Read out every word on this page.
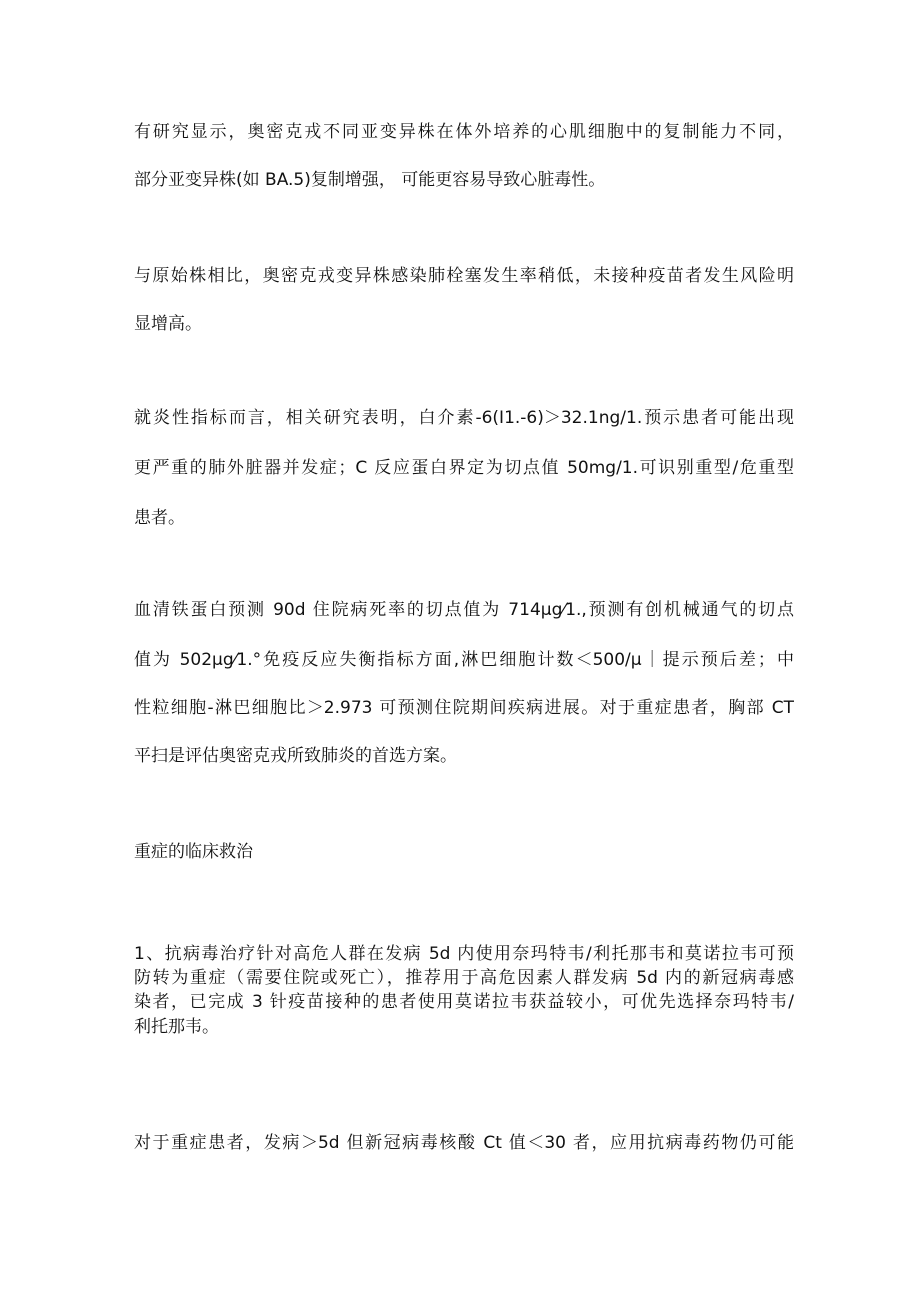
有研究显示，奥密克戎不同亚变异株在体外培养的心肌细胞中的复制能力不同，
部分亚变异株(如 BA.5)复制增强， 可能更容易导致心脏毒性。
与原始株相比，奥密克戎变异株感染肺栓塞发生率稍低，未接种疫苗者发生风险明
显增高。
就炎性指标而言，相关研究表明，白介素-6(I1.-6)＞32.1ng/1.预示患者可能出现
更严重的肺外脏器并发症；C 反应蛋白界定为切点值 50mg/1.可识别重型/危重型
患者。
血清铁蛋白预测 90d 住院病死率的切点值为 714μg⁄1.,预测有创机械通气的切点
值为 502μg⁄1.°免疫反应失衡指标方面,淋巴细胞计数＜500/μ｜提示预后差；中
性粒细胞-淋巴细胞比＞2.973 可预测住院期间疾病进展。对于重症患者，胸部 CT
平扫是评估奥密克戎所致肺炎的首选方案。
重症的临床救治
1、抗病毒治疗针对高危人群在发病 5d 内使用奈玛特韦/利托那韦和莫诺拉韦可预
防转为重症（需要住院或死亡），推荐用于高危因素人群发病 5d 内的新冠病毒感
染者，已完成 3 针疫苗接种的患者使用莫诺拉韦获益较小，可优先选择奈玛特韦/
利托那韦。
对于重症患者，发病＞5d 但新冠病毒核酸 Ct 值＜30 者，应用抗病毒药物仍可能
